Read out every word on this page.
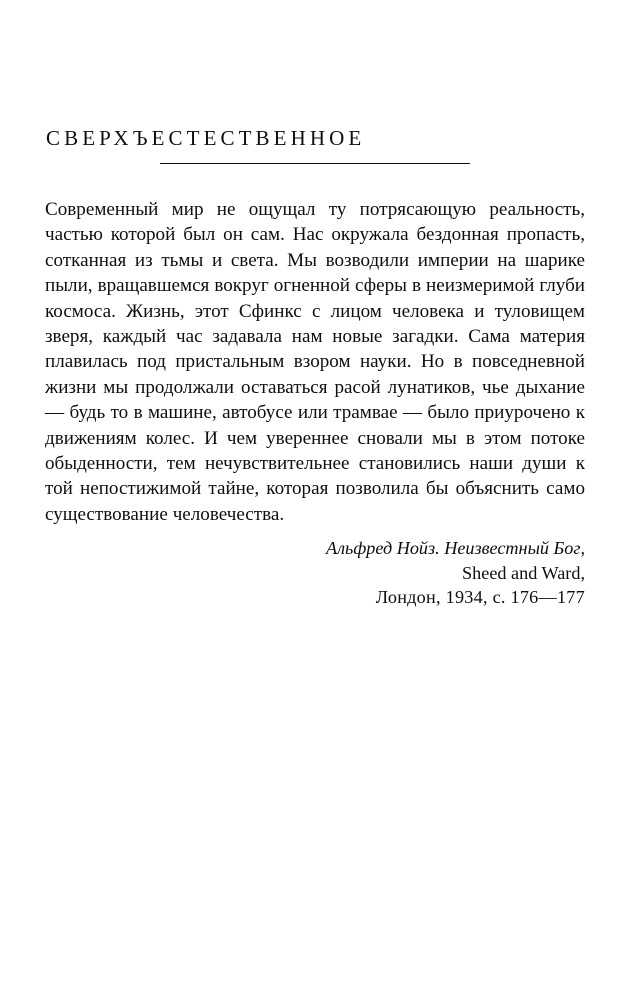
СВЕРХЪЕСТЕСТВЕННОЕ

Современный мир не ощущал ту потрясающую реальность, частью которой был он сам. Нас окружала бездонная пропасть, сотканная из тьмы и света. Мы возводили империи на шарике пыли, вращавшемся вокруг огненной сферы в неизмеримой глуби космоса. Жизнь, этот Сфинкс с лицом человека и туловищем зверя, каждый час задавала нам новые загадки. Сама материя плавилась под пристальным взором науки. Но в повседневной жизни мы продолжали оставаться расой лунатиков, чье дыхание — будь то в машине, автобусе или трамвае — было приурочено к движениям колес. И чем увереннее сновали мы в этом потоке обыденности, тем нечувствительнее становились наши души к той непостижимой тайне, которая позволила бы объяснить само существование человечества.

Альфред Нойз. Неизвестный Бог,
Sheed and Ward,
Лондон, 1934, с. 176—177
